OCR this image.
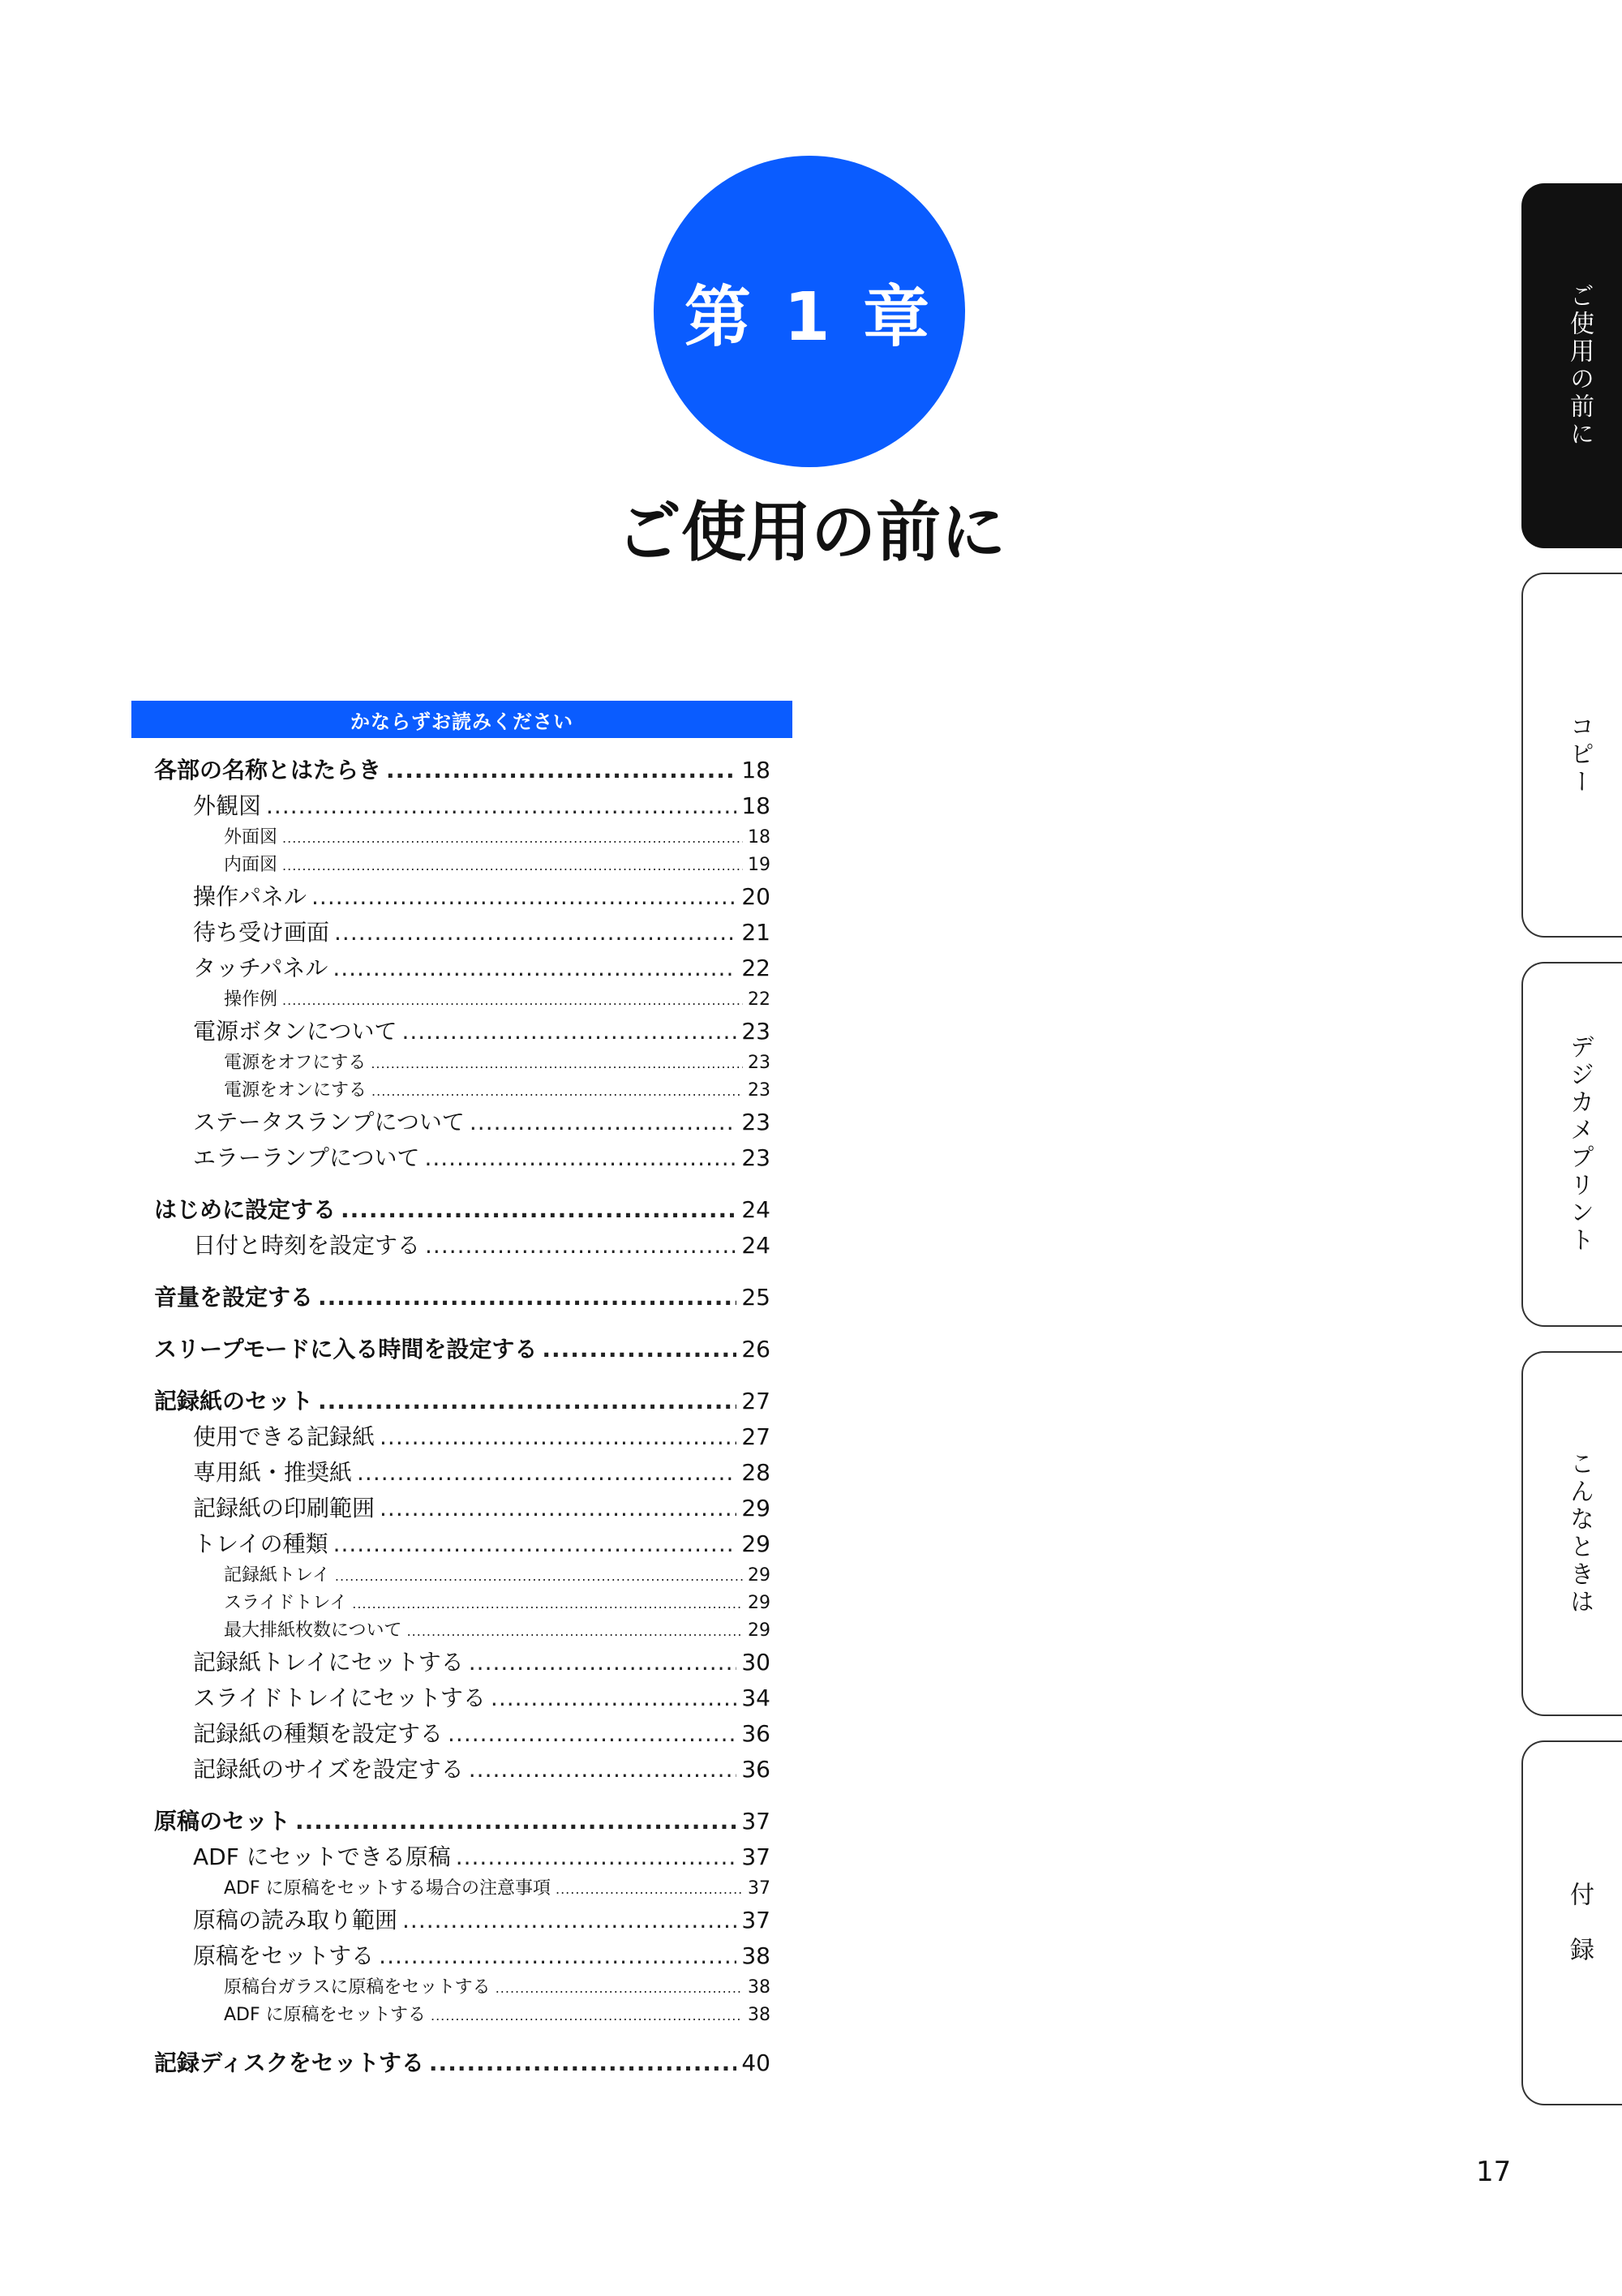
第 1 章
ご使用の前に
かならずお読みください
各部の名称とはたらき .....	18
外観図 .....	18
外面図 .....	18
内面図 .....	19
操作パネル .....	20
待ち受け画面 .....	21
タッチパネル .....	22
操作例 .....	22
電源ボタンについて .....	23
電源をオフにする .....	23
電源をオンにする .....	23
ステータスランプについて .....	23
エラーランプについて .....	23
はじめに設定する .....	24
日付と時刻を設定する .....	24
音量を設定する .....	25
スリープモードに入る時間を設定する .....	26
記録紙のセット .....	27
使用できる記録紙 .....	27
専用紙・推奨紙 .....	28
記録紙の印刷範囲 .....	29
トレイの種類 .....	29
記録紙トレイ .....	29
スライドトレイ .....	29
最大排紙枚数について .....	29
記録紙トレイにセットする .....	30
スライドトレイにセットする .....	34
記録紙の種類を設定する .....	36
記録紙のサイズを設定する .....	36
原稿のセット .....	37
ADF にセットできる原稿 .....	37
ADF に原稿をセットする場合の注意事項 .....	37
原稿の読み取り範囲 .....	37
原稿をセットする .....	38
原稿台ガラスに原稿をセットする .....	38
ADF に原稿をセットする .....	38
記録ディスクをセットする .....	40
ご使用の前に
コピー
デジカメプリント
こんなときは
付　録
17
